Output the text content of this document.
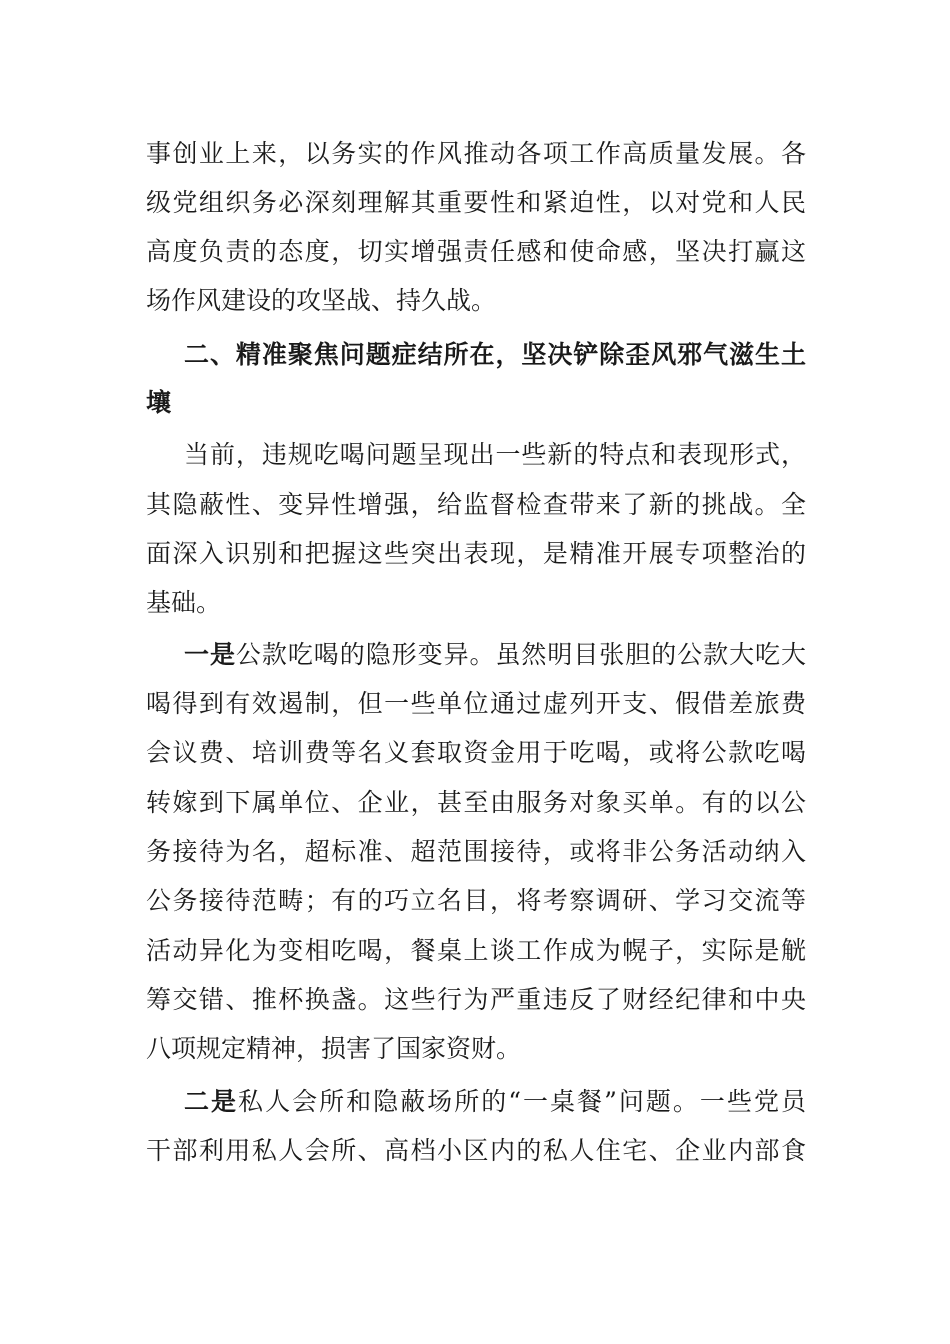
事创业上来，以务实的作风推动各项工作高质量发展。各
级党组织务必深刻理解其重要性和紧迫性，以对党和人民
高度负责的态度，切实增强责任感和使命感，坚决打赢这
场作风建设的攻坚战、持久战。
二、精准聚焦问题症结所在，坚决铲除歪风邪气滋生土
壤
当前，违规吃喝问题呈现出一些新的特点和表现形式，
其隐蔽性、变异性增强，给监督检查带来了新的挑战。全
面深入识别和把握这些突出表现，是精准开展专项整治的
基础。
一是公款吃喝的隐形变异。虽然明目张胆的公款大吃大
喝得到有效遏制，但一些单位通过虚列开支、假借差旅费
会议费、培训费等名义套取资金用于吃喝，或将公款吃喝
转嫁到下属单位、企业，甚至由服务对象买单。有的以公
务接待为名，超标准、超范围接待，或将非公务活动纳入
公务接待范畴；有的巧立名目，将考察调研、学习交流等
活动异化为变相吃喝，餐桌上谈工作成为幌子，实际是觥
筹交错、推杯换盏。这些行为严重违反了财经纪律和中央
八项规定精神，损害了国家资财。
二是私人会所和隐蔽场所的“一桌餐”问题。一些党员
干部利用私人会所、高档小区内的私人住宅、企业内部食
